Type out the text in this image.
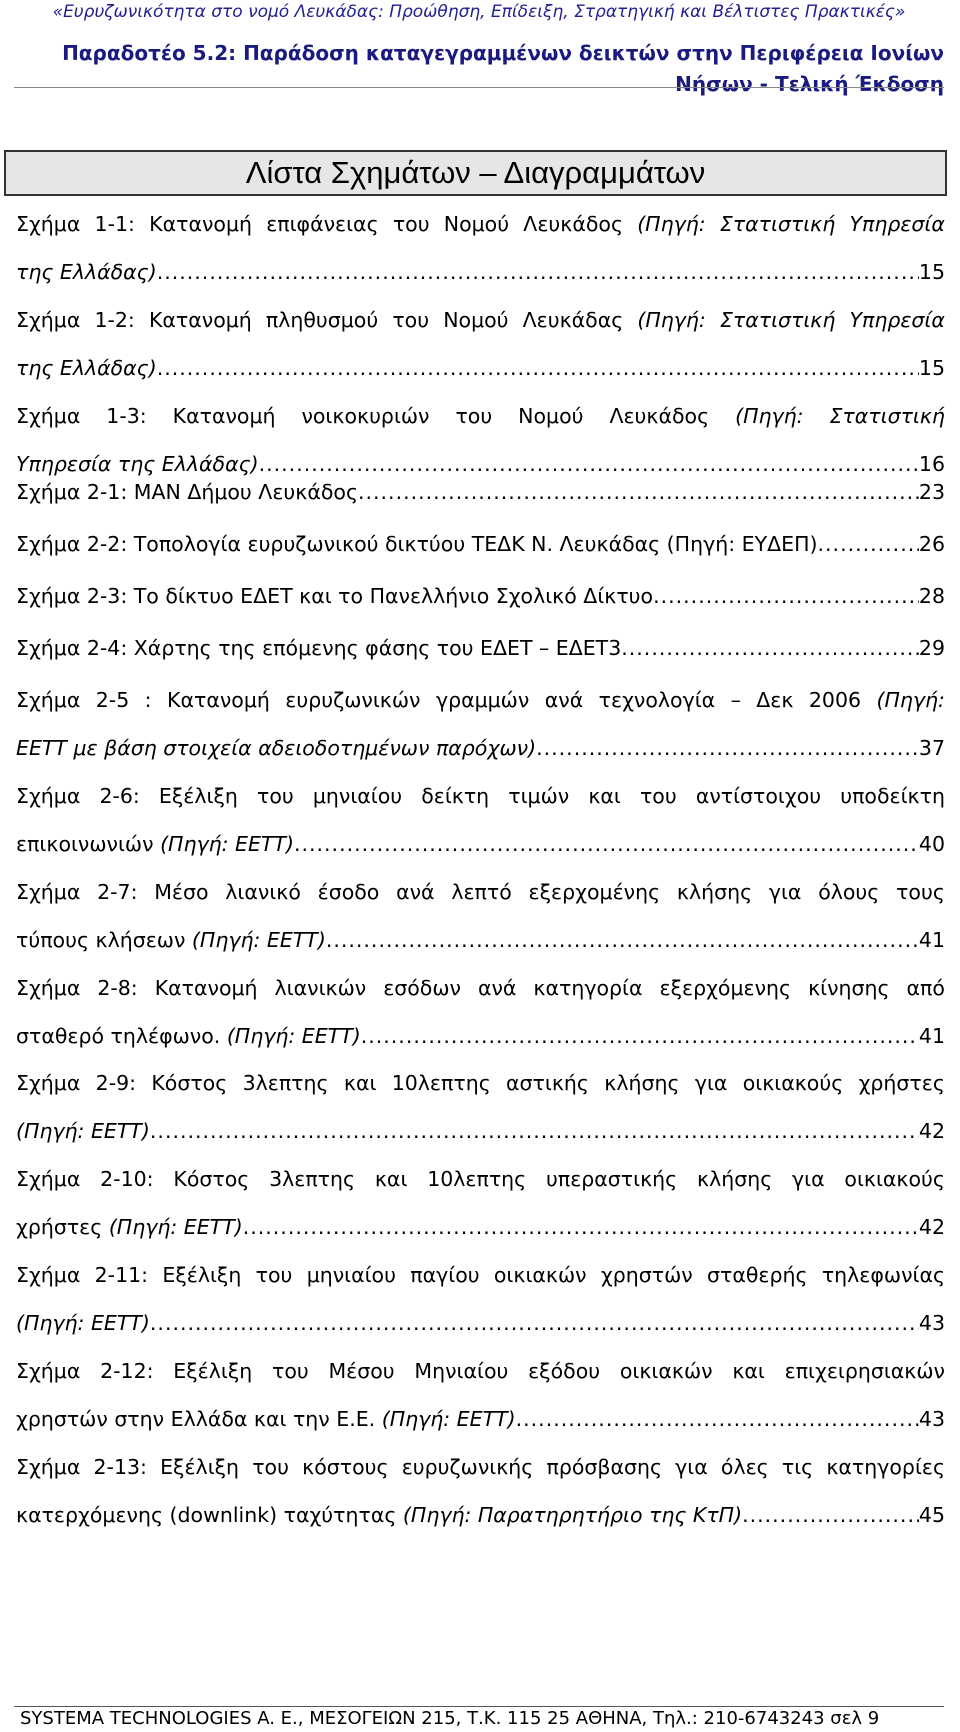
«Ευρυζωνικότητα στο νομό Λευκάδας: Προώθηση, Επίδειξη, Στρατηγική και Βέλτιστες Πρακτικές»
Παραδοτέο 5.2: Παράδοση καταγεγραμμένων δεικτών στην Περιφέρεια Ιονίων
Νήσων - Τελική Έκδοση
Λίστα Σχημάτων – Διαγραμμάτων
Σχήμα 1-1: Κατανομή επιφάνειας του Νομού Λευκάδος (Πηγή: Στατιστική Υπηρεσία
της Ελλάδας) .....	15
Σχήμα 1-2: Κατανομή πληθυσμού του Νομού Λευκάδας (Πηγή: Στατιστική Υπηρεσία
της Ελλάδας) .....	15
Σχήμα 1-3: Κατανομή νοικοκυριών του Νομού Λευκάδος (Πηγή: Στατιστική
Υπηρεσία της Ελλάδας) .....	16
Σχήμα 2-1: MAN Δήμου Λευκάδος .....	23
Σχήμα 2-2: Τοπολογία ευρυζωνικού δικτύου ΤΕΔΚ Ν. Λευκάδας (Πηγή: ΕΥΔΕΠ) .....	26
Σχήμα 2-3: Το δίκτυο ΕΔΕΤ και το Πανελλήνιο Σχολικό Δίκτυο .....	28
Σχήμα 2-4: Χάρτης της επόμενης φάσης του ΕΔΕΤ – ΕΔΕΤ3 .....	29
Σχήμα 2-5 : Κατανομή ευρυζωνικών γραμμών ανά τεχνολογία – Δεκ 2006 (Πηγή:
ΕΕΤΤ με βάση στοιχεία αδειοδοτημένων παρόχων) .....	37
Σχήμα 2-6: Εξέλιξη του μηνιαίου δείκτη τιμών και του αντίστοιχου υποδείκτη
επικοινωνιών (Πηγή: ΕΕΤΤ) .....	40
Σχήμα 2-7: Μέσο λιανικό έσοδο ανά λεπτό εξερχομένης κλήσης για όλους τους
τύπους κλήσεων (Πηγή: ΕΕΤΤ) .....	41
Σχήμα 2-8: Κατανομή λιανικών εσόδων ανά κατηγορία εξερχόμενης κίνησης από
σταθερό τηλέφωνο. (Πηγή: ΕΕΤΤ) .....	41
Σχήμα 2-9: Κόστος 3λεπτης και 10λεπτης αστικής κλήσης για οικιακούς χρήστες
(Πηγή: ΕΕΤΤ) .....	42
Σχήμα 2-10: Κόστος 3λεπτης και 10λεπτης υπεραστικής κλήσης για οικιακούς
χρήστες (Πηγή: ΕΕΤΤ) .....	42
Σχήμα 2-11: Εξέλιξη του μηνιαίου παγίου οικιακών χρηστών σταθερής τηλεφωνίας
(Πηγή: ΕΕΤΤ) .....	43
Σχήμα 2-12: Εξέλιξη του Μέσου Μηνιαίου εξόδου οικιακών και επιχειρησιακών
χρηστών στην Ελλάδα και την Ε.Ε. (Πηγή: ΕΕΤΤ) .....	43
Σχήμα 2-13: Εξέλιξη του κόστους ευρυζωνικής πρόσβασης για όλες τις κατηγορίες
κατερχόμενης (downlink) ταχύτητας (Πηγή: Παρατηρητήριο της ΚτΠ) .....	45
SYSTEMA TECHNOLOGIES A. E., ΜΕΣΟΓΕΙΩΝ 215, Τ.Κ. 115 25 ΑΘΗΝΑ, Τηλ.: 210-6743243 σελ 9
